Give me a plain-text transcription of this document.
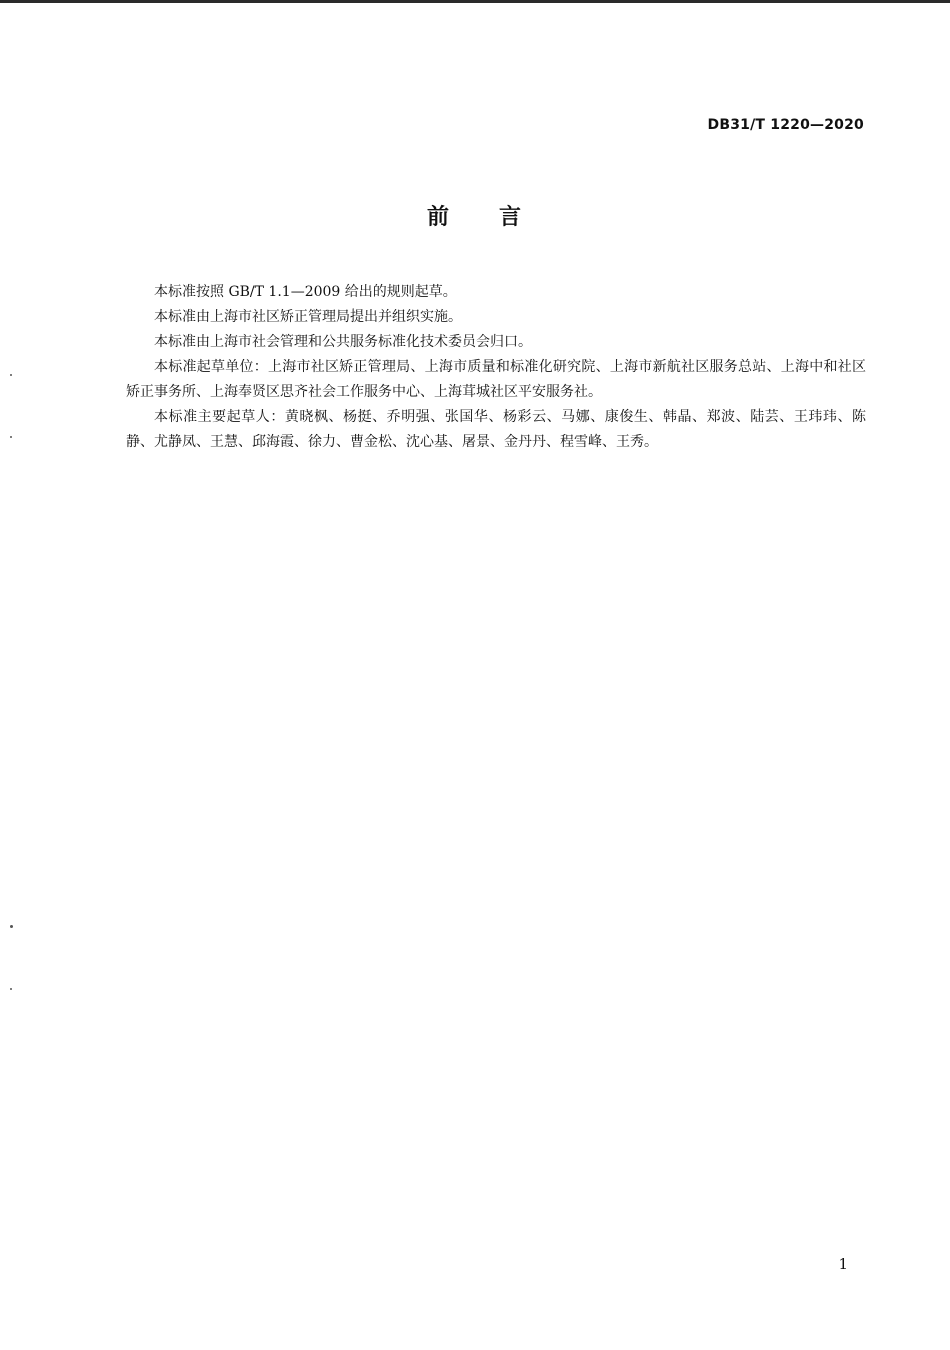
DB31/T 1220—2020
前　　言

本标准按照 GB/T 1.1—2009 给出的规则起草。

本标准由上海市社区矫正管理局提出并组织实施。

本标准由上海市社会管理和公共服务标准化技术委员会归口。

本标准起草单位：上海市社区矫正管理局、上海市质量和标准化研究院、上海市新航社区服务总站、上海中和社区矫正事务所、上海奉贤区思齐社会工作服务中心、上海茸城社区平安服务社。

本标准主要起草人：黄晓枫、杨挺、乔明强、张国华、杨彩云、马娜、康俊生、韩晶、郑波、陆芸、王玮玮、陈静、尤静凤、王慧、邱海霞、徐力、曹金松、沈心基、屠景、金丹丹、程雪峰、王秀。

1
